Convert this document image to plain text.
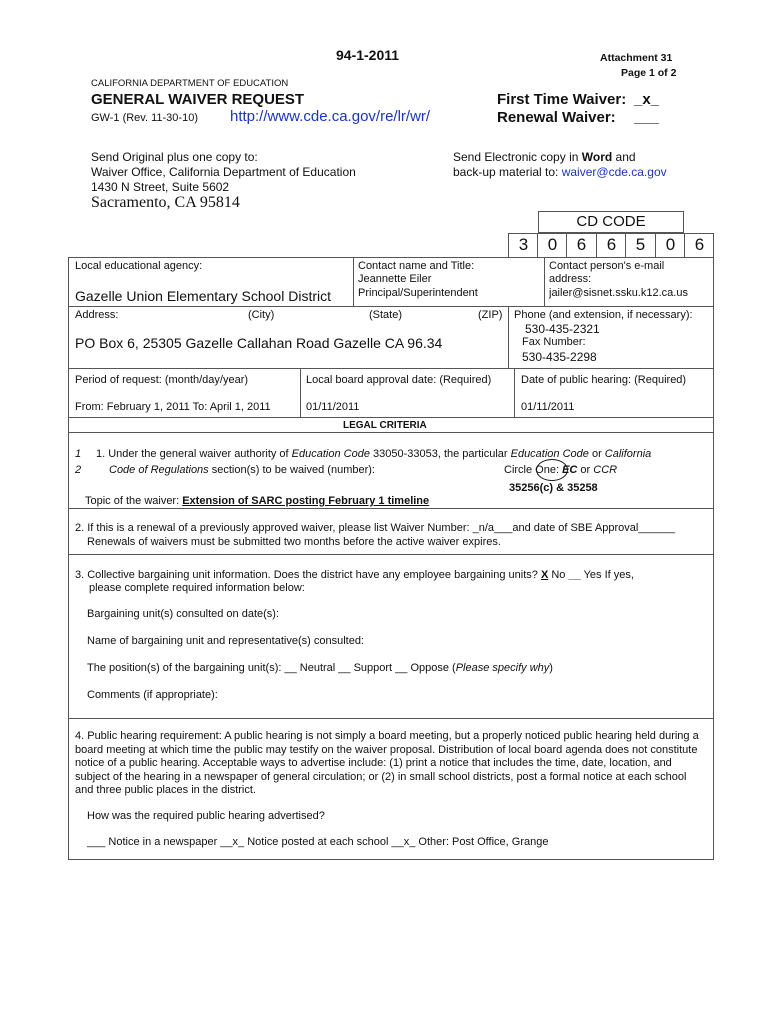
94-1-2011	Attachment 31
Page 1 of 2
CALIFORNIA DEPARTMENT OF EDUCATION
GENERAL WAIVER REQUEST
GW-1 (Rev. 11-30-10) http://www.cde.ca.gov/re/lr/wr/
First Time Waiver: _x_
Renewal Waiver: ___
Send Original plus one copy to:
Waiver Office, California Department of Education
1430 N Street, Suite 5602
Sacramento, CA 95814
Send Electronic copy in Word and
back-up material to: waiver@cde.ca.gov
CD CODE
3	0	6	6	5	0	6
Local educational agency:
Gazelle Union Elementary School District
Contact name and Title:
Jeannette Eiler
Principal/Superintendent
Contact person's e-mail
address:
jailer@sisnet.ssku.k12.ca.us
Address:	(City)	(State)	(ZIP)
PO Box 6, 25305 Gazelle Callahan Road Gazelle CA 96.34
Phone (and extension, if necessary):
530-435-2321
Fax Number:
530-435-2298
Period of request: (month/day/year)
From: February 1, 2011 To: April 1, 2011
Local board approval date: (Required)
01/11/2011
Date of public hearing: (Required)
01/11/2011
LEGAL CRITERIA
1
2
1. Under the general waiver authority of Education Code 33050-33053, the particular Education Code or California
Code of Regulations section(s) to be waived (number):	Circle One: EC or CCR
35256(c) & 35258
Topic of the waiver: Extension of SARC posting February 1 timeline
2. If this is a renewal of a previously approved waiver, please list Waiver Number: _n/a___and date of SBE Approval______
Renewals of waivers must be submitted two months before the active waiver expires.
3. Collective bargaining unit information. Does the district have any employee bargaining units? X No __ Yes If yes,
please complete required information below:
Bargaining unit(s) consulted on date(s):
Name of bargaining unit and representative(s) consulted:
The position(s) of the bargaining unit(s): __ Neutral __ Support __ Oppose (Please specify why)
Comments (if appropriate):
4. Public hearing requirement: A public hearing is not simply a board meeting, but a properly noticed public hearing held during a board meeting at which time the public may testify on the waiver proposal. Distribution of local board agenda does not constitute notice of a public hearing. Acceptable ways to advertise include: (1) print a notice that includes the time, date, location, and subject of the hearing in a newspaper of general circulation; or (2) in small school districts, post a formal notice at each school and three public places in the district.
How was the required public hearing advertised?
___ Notice in a newspaper __x_ Notice posted at each school __x_ Other: Post Office, Grange
